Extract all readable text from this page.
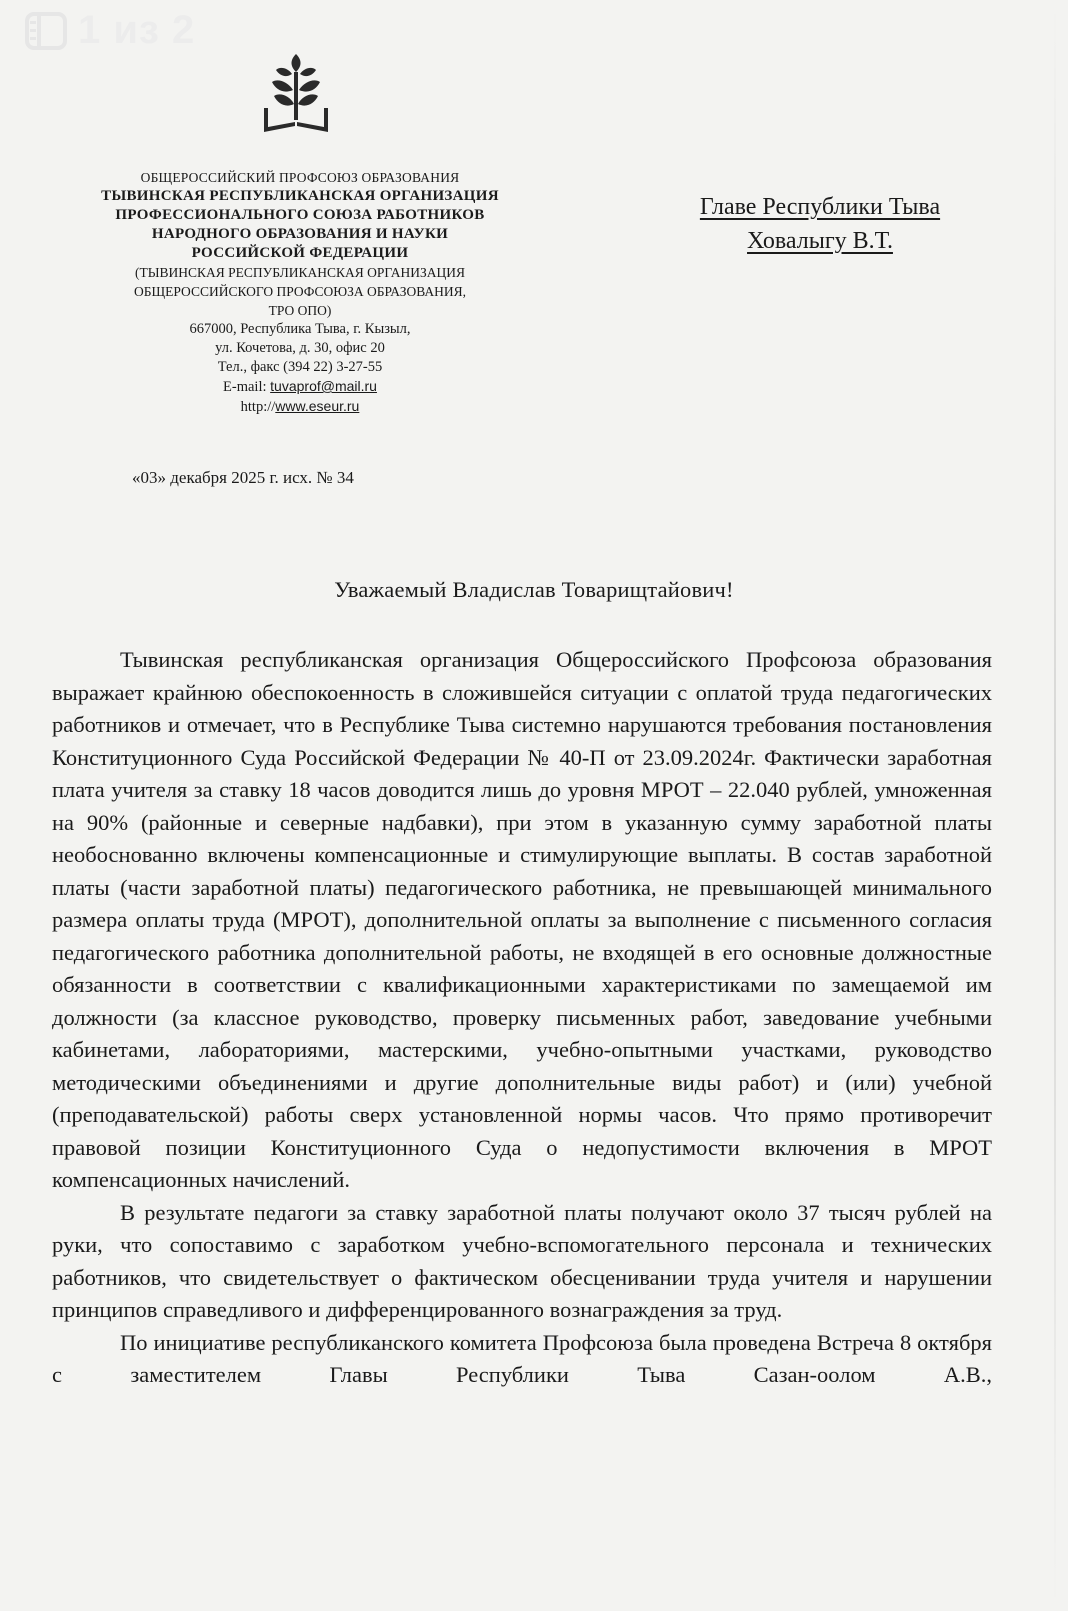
1 из 2
ОБЩЕРОССИЙСКИЙ ПРОФСОЮЗ ОБРАЗОВАНИЯ
ТЫВИНСКАЯ РЕСПУБЛИКАНСКАЯ ОРГАНИЗАЦИЯ
ПРОФЕССИОНАЛЬНОГО СОЮЗА РАБОТНИКОВ
НАРОДНОГО ОБРАЗОВАНИЯ И НАУКИ
РОССИЙСКОЙ ФЕДЕРАЦИИ
(ТЫВИНСКАЯ РЕСПУБЛИКАНСКАЯ ОРГАНИЗАЦИЯ
ОБЩЕРОССИЙСКОГО ПРОФСОЮЗА ОБРАЗОВАНИЯ,
ТРО ОПО)
667000, Республика Тыва, г. Кызыл,
ул. Кочетова, д. 30, офис 20
Тел., факс (394 22) 3-27-55
E-mail: tuvaprof@mail.ru
http://www.eseur.ru
«03» декабря 2025 г. исх. № 34
Главе Республики Тыва
Ховалыгу В.Т.
Уважаемый Владислав Товарищтайович!

Тывинская республиканская организация Общероссийского Профсоюза образования выражает крайнюю обеспокоенность в сложившейся ситуации с оплатой труда педагогических работников и отмечает, что в Республике Тыва системно нарушаются требования постановления Конституционного Суда Российской Федерации № 40-П от 23.09.2024г. Фактически заработная плата учителя за ставку 18 часов доводится лишь до уровня МРОТ – 22.040 рублей, умноженная на 90% (районные и северные надбавки), при этом в указанную сумму заработной платы необоснованно включены компенсационные и стимулирующие выплаты. В состав заработной платы (части заработной платы) педагогического работника, не превышающей минимального размера оплаты труда (МРОТ), дополнительной оплаты за выполнение с письменного согласия педагогического работника дополнительной работы, не входящей в его основные должностные обязанности в соответствии с квалификационными характеристиками по замещаемой им должности (за классное руководство, проверку письменных работ, заведование учебными кабинетами, лабораториями, мастерскими, учебно-опытными участками, руководство методическими объединениями и другие дополнительные виды работ) и (или) учебной (преподавательской) работы сверх установленной нормы часов. Что прямо противоречит правовой позиции Конституционного Суда о недопустимости включения в МРОТ компенсационных начислений.

В результате педагоги за ставку заработной платы получают около 37 тысяч рублей на руки, что сопоставимо с заработком учебно-вспомогательного персонала и технических работников, что свидетельствует о фактическом обесценивании труда учителя и нарушении принципов справедливого и дифференцированного вознаграждения за труд.

По инициативе республиканского комитета Профсоюза была проведена Встреча 8 октября с заместителем Главы Республики Тыва Сазан-оолом А.В.,
